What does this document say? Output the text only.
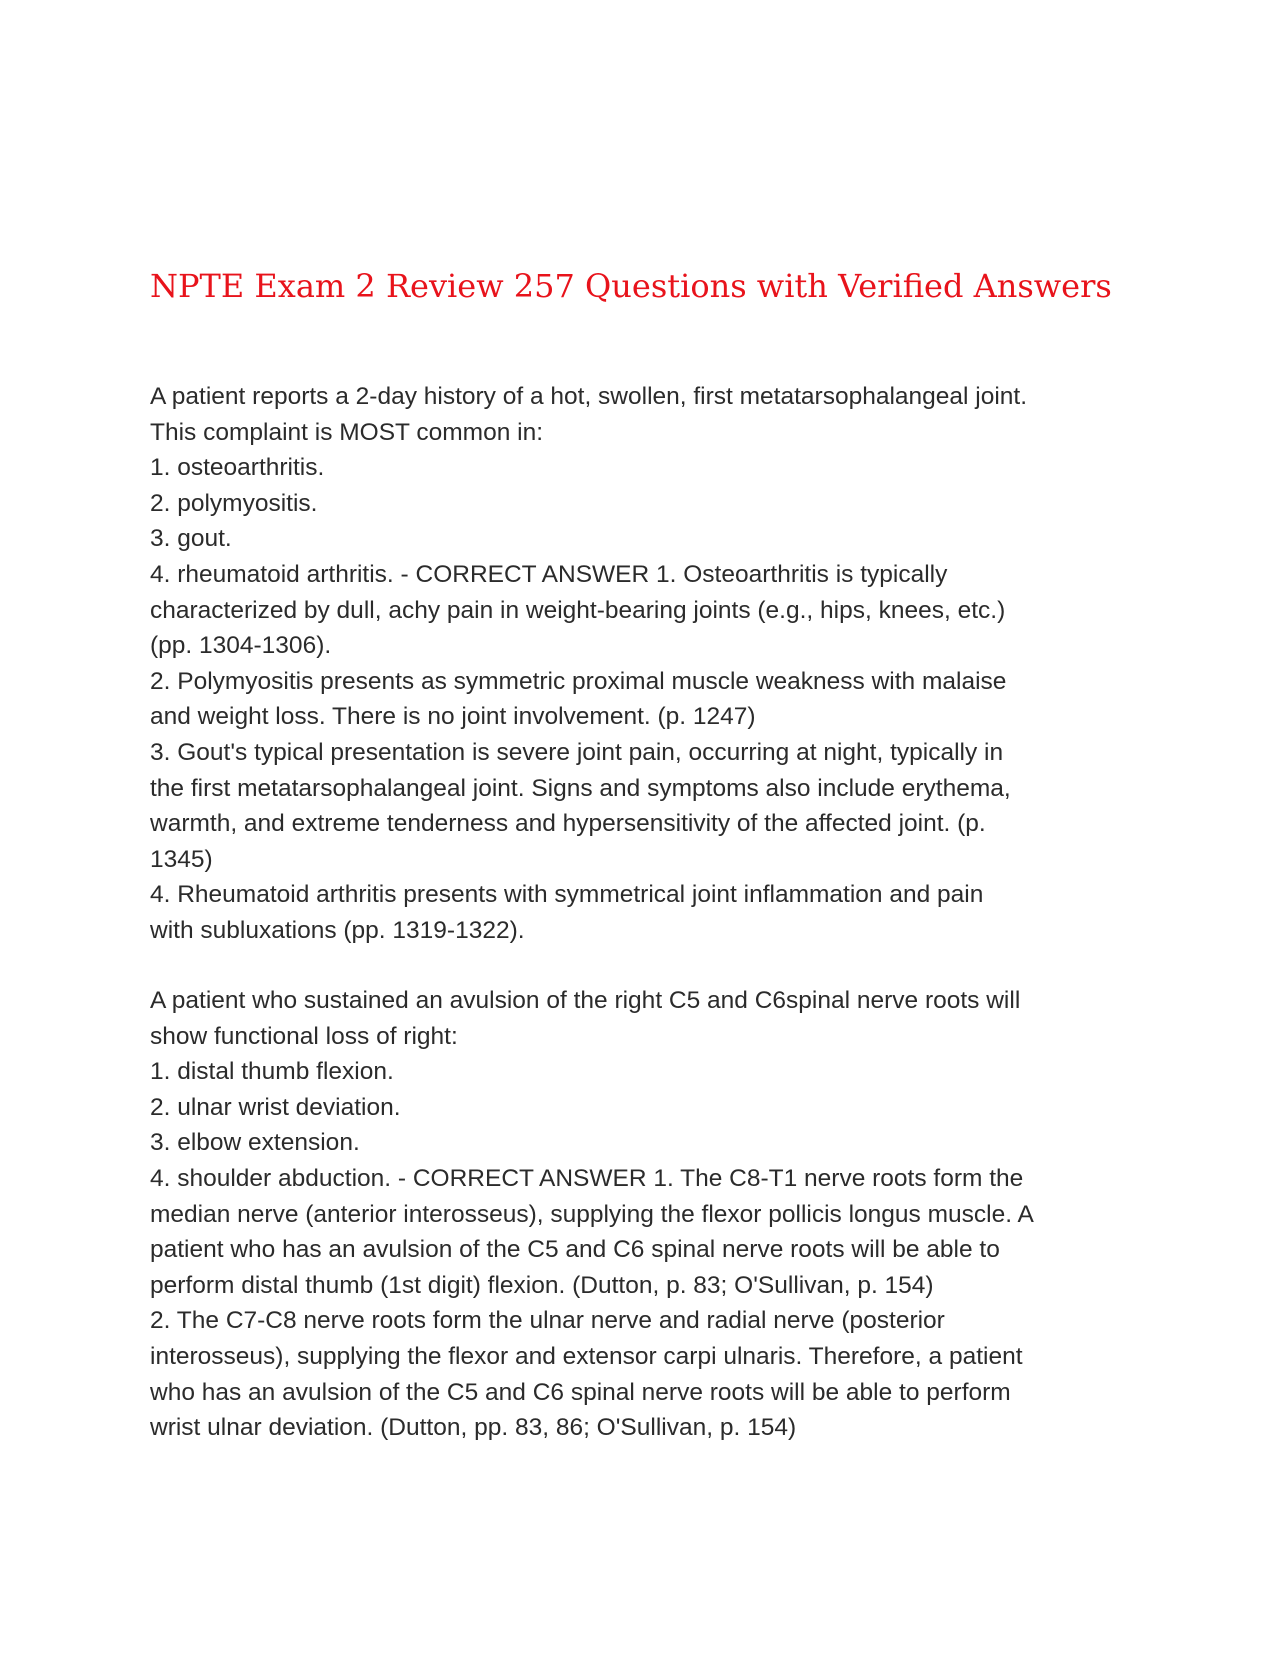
NPTE Exam 2 Review 257 Questions with Verified Answers
A patient reports a 2-day history of a hot, swollen, first metatarsophalangeal joint.
This complaint is MOST common in:
1. osteoarthritis.
2. polymyositis.
3. gout.
4. rheumatoid arthritis. - CORRECT ANSWER 1. Osteoarthritis is typically
characterized by dull, achy pain in weight-bearing joints (e.g., hips, knees, etc.)
(pp. 1304-1306).
2. Polymyositis presents as symmetric proximal muscle weakness with malaise
and weight loss. There is no joint involvement. (p. 1247)
3. Gout's typical presentation is severe joint pain, occurring at night, typically in
the first metatarsophalangeal joint. Signs and symptoms also include erythema,
warmth, and extreme tenderness and hypersensitivity of the affected joint. (p.
1345)
4. Rheumatoid arthritis presents with symmetrical joint inflammation and pain
with subluxations (pp. 1319-1322).
A patient who sustained an avulsion of the right C5 and C6spinal nerve roots will
show functional loss of right:
1. distal thumb flexion.
2. ulnar wrist deviation.
3. elbow extension.
4. shoulder abduction. - CORRECT ANSWER 1. The C8-T1 nerve roots form the
median nerve (anterior interosseus), supplying the flexor pollicis longus muscle. A
patient who has an avulsion of the C5 and C6 spinal nerve roots will be able to
perform distal thumb (1st digit) flexion. (Dutton, p. 83; O'Sullivan, p. 154)
2. The C7-C8 nerve roots form the ulnar nerve and radial nerve (posterior
interosseus), supplying the flexor and extensor carpi ulnaris. Therefore, a patient
who has an avulsion of the C5 and C6 spinal nerve roots will be able to perform
wrist ulnar deviation. (Dutton, pp. 83, 86; O'Sullivan, p. 154)
